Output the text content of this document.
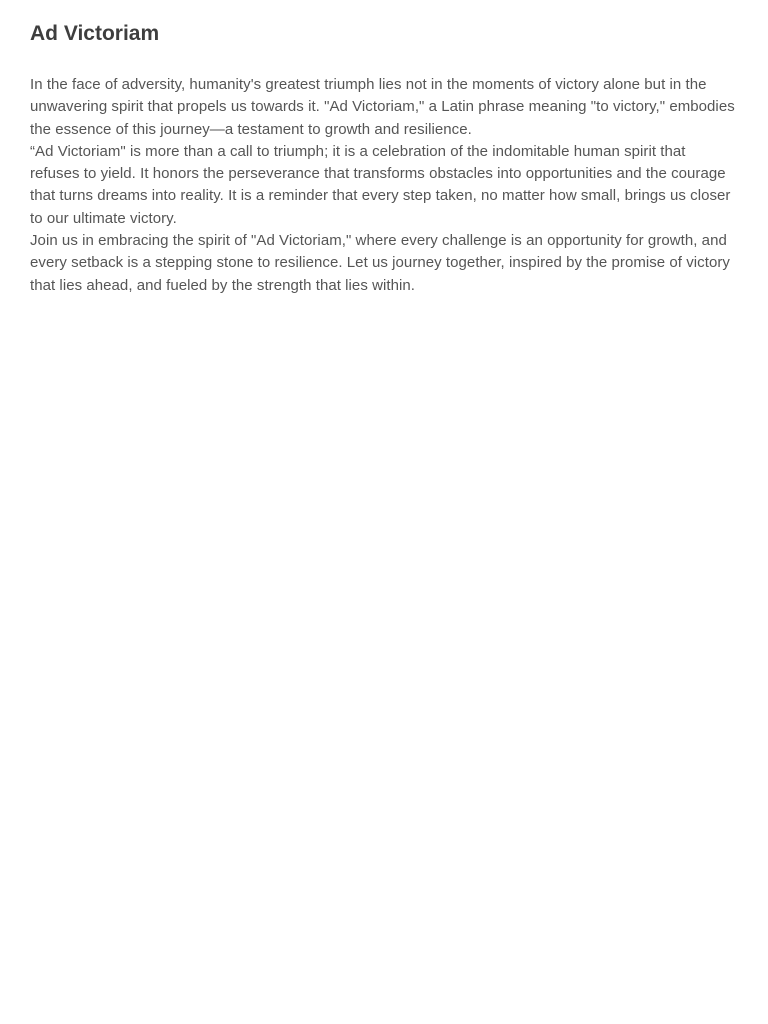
Ad Victoriam

In the face of adversity, humanity's greatest triumph lies not in the moments of victory alone but in the unwavering spirit that propels us towards it. "Ad Victoriam," a Latin phrase meaning "to victory," embodies the essence of this journey—a testament to growth and resilience.

“Ad Victoriam" is more than a call to triumph; it is a celebration of the indomitable human spirit that refuses to yield. It honors the perseverance that transforms obstacles into opportunities and the courage that turns dreams into reality. It is a reminder that every step taken, no matter how small, brings us closer to our ultimate victory.

Join us in embracing the spirit of "Ad Victoriam," where every challenge is an opportunity for growth, and every setback is a stepping stone to resilience. Let us journey together, inspired by the promise of victory that lies ahead, and fueled by the strength that lies within.
